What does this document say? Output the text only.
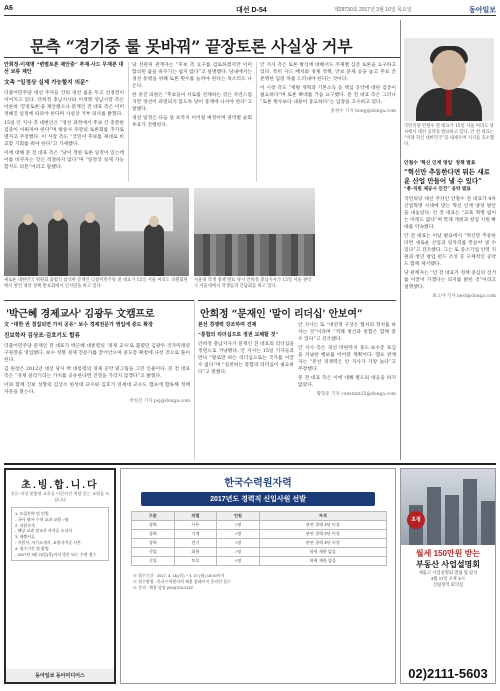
A6	대선 D-54	제29730호 2017년 3월 16일 목요일	동아일보
문측 “경기중 룰 못바꿔” 끝장토론 사실상 거부
안희정·이재명 “변별토론 제안중” 추재·사드 무재론 대선 보류 제안
文측 “일정상 실제 가능할지 의문”

더불어민주당 대선 주자들 간의 경선 룰을 두고 신경전이 이어지고 있다. 안희정 충남지사와 이재명 성남시장 측은 이른바 '끝장토론'을 제안했으나 문재인 전 대표 측은 이미 정해진 일정에 따라야 한다며 사실상 거부 의사를 밝혔다.

15일 안 지사 측 대변인은 “경선 과정에서 후보 간 충분한 검증이 이뤄져야 한다”며 방송사 주관의 토론회를 추가로 열자고 주장했다. 이 시장 측도 “국민이 후보를 제대로 비교할 기회를 줘야 한다”고 가세했다.

이에 대해 문 전 대표 측은 “당이 정한 토론 일정이 있는데 이를 바꾸자는 것은 적절하지 않다”며 “일정상 실제 가능할지도 의문”이라고 말했다.

당 선관위 관계자는 “후보 측 요구를 검토하겠지만 이미 합의된 룰을 바꾸기는 쉽지 않다”고 설명했다. 당내에서는 경선 흥행을 위해 토론 횟수를 늘려야 한다는 목소리도 나온다.

한 중진 의원은 “후보들이 서로를 견제하는 것은 자연스럽지만 경선이 과열되지 않도록 당이 중재에 나서야 한다”고 말했다.

경선 일정은 다음 달 초까지 이어질 예정이며 권역별 순회 투표가 진행된다.

안 지사 측은 토론 방식에 대해서도 주제별 심층 토론을 요구하고 있다. 특히 사드 배치와 경제 정책, 안보 문제 등을 놓고 후보 간 분명한 입장 차를 드러내야 한다는 것이다.

이 시장 측도 “재벌 개혁과 기본소득 등 핵심 공약에 대한 검증이 필요하다”며 토론 확대를 거듭 요구했다. 문 전 대표 측은 그러나 “토론 횟수보다 내용이 중요하다”는 입장을 고수하고 있다.

홍정수 기자 hong@donga.com
국민의당 안철수 전 대표가 15일 서울 여의도 당사에서 대선 공약을 발표하고 있다. 안 전 대표는 “미래 혁신 대한민국”을 내세우며 지지를 호소했다.
안철수 '혁신 인재 영입' 정책 발표
“혁신만 추동한다면 뭐든 새로운 산업 만들어 낼 수 있다”
“총-직원 제공시 인건” 공약 발표

국민의당 대선 주자인 안철수 전 대표가 4차 산업혁명 시대에 맞는 혁신 인재 양성 방안을 내놓았다. 안 전 대표는 “교육 혁명 없이는 미래도 없다”며 학제 개편과 창업 지원 확대를 약속했다.

안 전 대표는 이날 발표에서 “혁신만 추동한다면 새로운 산업과 일자리를 만들어 낼 수 있다”고 강조했다. 그는 또 중소기업 인력 지원과 청년 창업 펀드 조성 등 구체적인 공약도 함께 제시했다.

당 관계자는 “안 전 대표가 정책 중심의 선거를 이끌어 가겠다는 의지를 밝힌 것”이라고 설명했다.

최고야 기자 best@donga.com
새로운 대한민국 위원회 출범식 참석한 문재인 더불어민주당 전 대표가 15일 서울 여의도 의원회관에서 열린 대선 정책 발표회에서 인사말을 하고 있다.
서울대 학생 정책 발표 당시 안희정 충남지사가 15일 서울 관악구 서울대에서 학생들과 간담회를 하고 있다.
'박근혜 경제교사' 김광두 文캠프로
文 “대한 권 결집되면 가치 공유” 보수 경제전문가 영입에 중도 확장
진보학자 김상조·김호기도 합류

더불어민주당 문재인 전 대표가 박근혜 대통령의 '경제 교사'로 불렸던 김광두 국가미래연구원장을 영입했다. 보수 성향 경제 전문가를 끌어안으며 중도층 확장에 나선 것으로 풀이된다.

김 원장은 2012년 대선 당시 박 대통령의 경제 공약 밑그림을 그린 인물이다. 문 전 대표 측은 “경제 살리기라는 가치를 공유한다면 진영을 가리지 않겠다”고 밝혔다.

이와 함께 진보 성향의 김상조 한성대 교수와 김호기 연세대 교수도 캠프에 합류해 정책 자문을 맡는다.

박성진 기자 psj@donga.com
안희정 “문재인 '말이 리더십' 안보여”
본선 경쟁력 강조하며 견제
“통합의 리더십으로 정권 교체할 것”

안희정 충남지사가 문재인 전 대표의 리더십을 정면으로 겨냥했다. 안 지사는 15일 기자들과 만나 “말로만 하는 리더십으로는 국가를 이끌 수 없다”며 “실천하는 통합의 리더십이 필요하다”고 말했다.

안 지사는 또 “대연정 구상은 협치의 정치를 하자는 것”이라며 “적폐 청산과 통합은 함께 갈 수 있다”고 강조했다.

안 지사 측은 경선 막판까지 중도·보수층 표심을 겨냥한 행보를 이어갈 계획이다. 캠프 관계자는 “본선 경쟁력은 안 지사가 가장 높다”고 주장했다.

문 전 대표 측은 이에 대해 별도의 대응을 하지 않았다.

황형준 기자 constant25@donga.com
초.빙.합.니.다
진로·적성 맞춤형 교육을 이끌어갈 역량 있는 교원을 모십니다
1. 모집분야 및 인원
- 국어·영어·수학 교과 교원 ○명
2. 지원자격
- 해당 교과 정교사 자격증 소지자
3. 제출서류
- 지원서, 자기소개서, 교원자격증 사본
4. 접수기간 및 방법
- 2017년 3월 23일(목)까지 방문 또는 우편 접수
동아일보 동아미디어스
한국수력원자력
2017년도 경력직 신입사원 선발
구분	직렬	인원	자격
경력	사무	○명	관련 경력 3년 이상
경력	기계	○명	관련 경력 3년 이상
경력	전기	○명	관련 경력 3년 이상
신입	화학	○명	학력 제한 없음
신입	토목	○명	학력 제한 없음
※ 접수기간 : 2017. 3. 16.(목) ~ 3. 27.(월) 18:00까지
※ 접수방법 : 한국수력원자력 채용 홈페이지 온라인 접수
※ 문의 : 채용 담당 (054)704-2192
초청
월세 150만원 받는
부동산 사업설명회
새롭고 사업설명회 열림 및 참석
3월 17일 오후 2시
신림정역 회의실
02)2111-5603
